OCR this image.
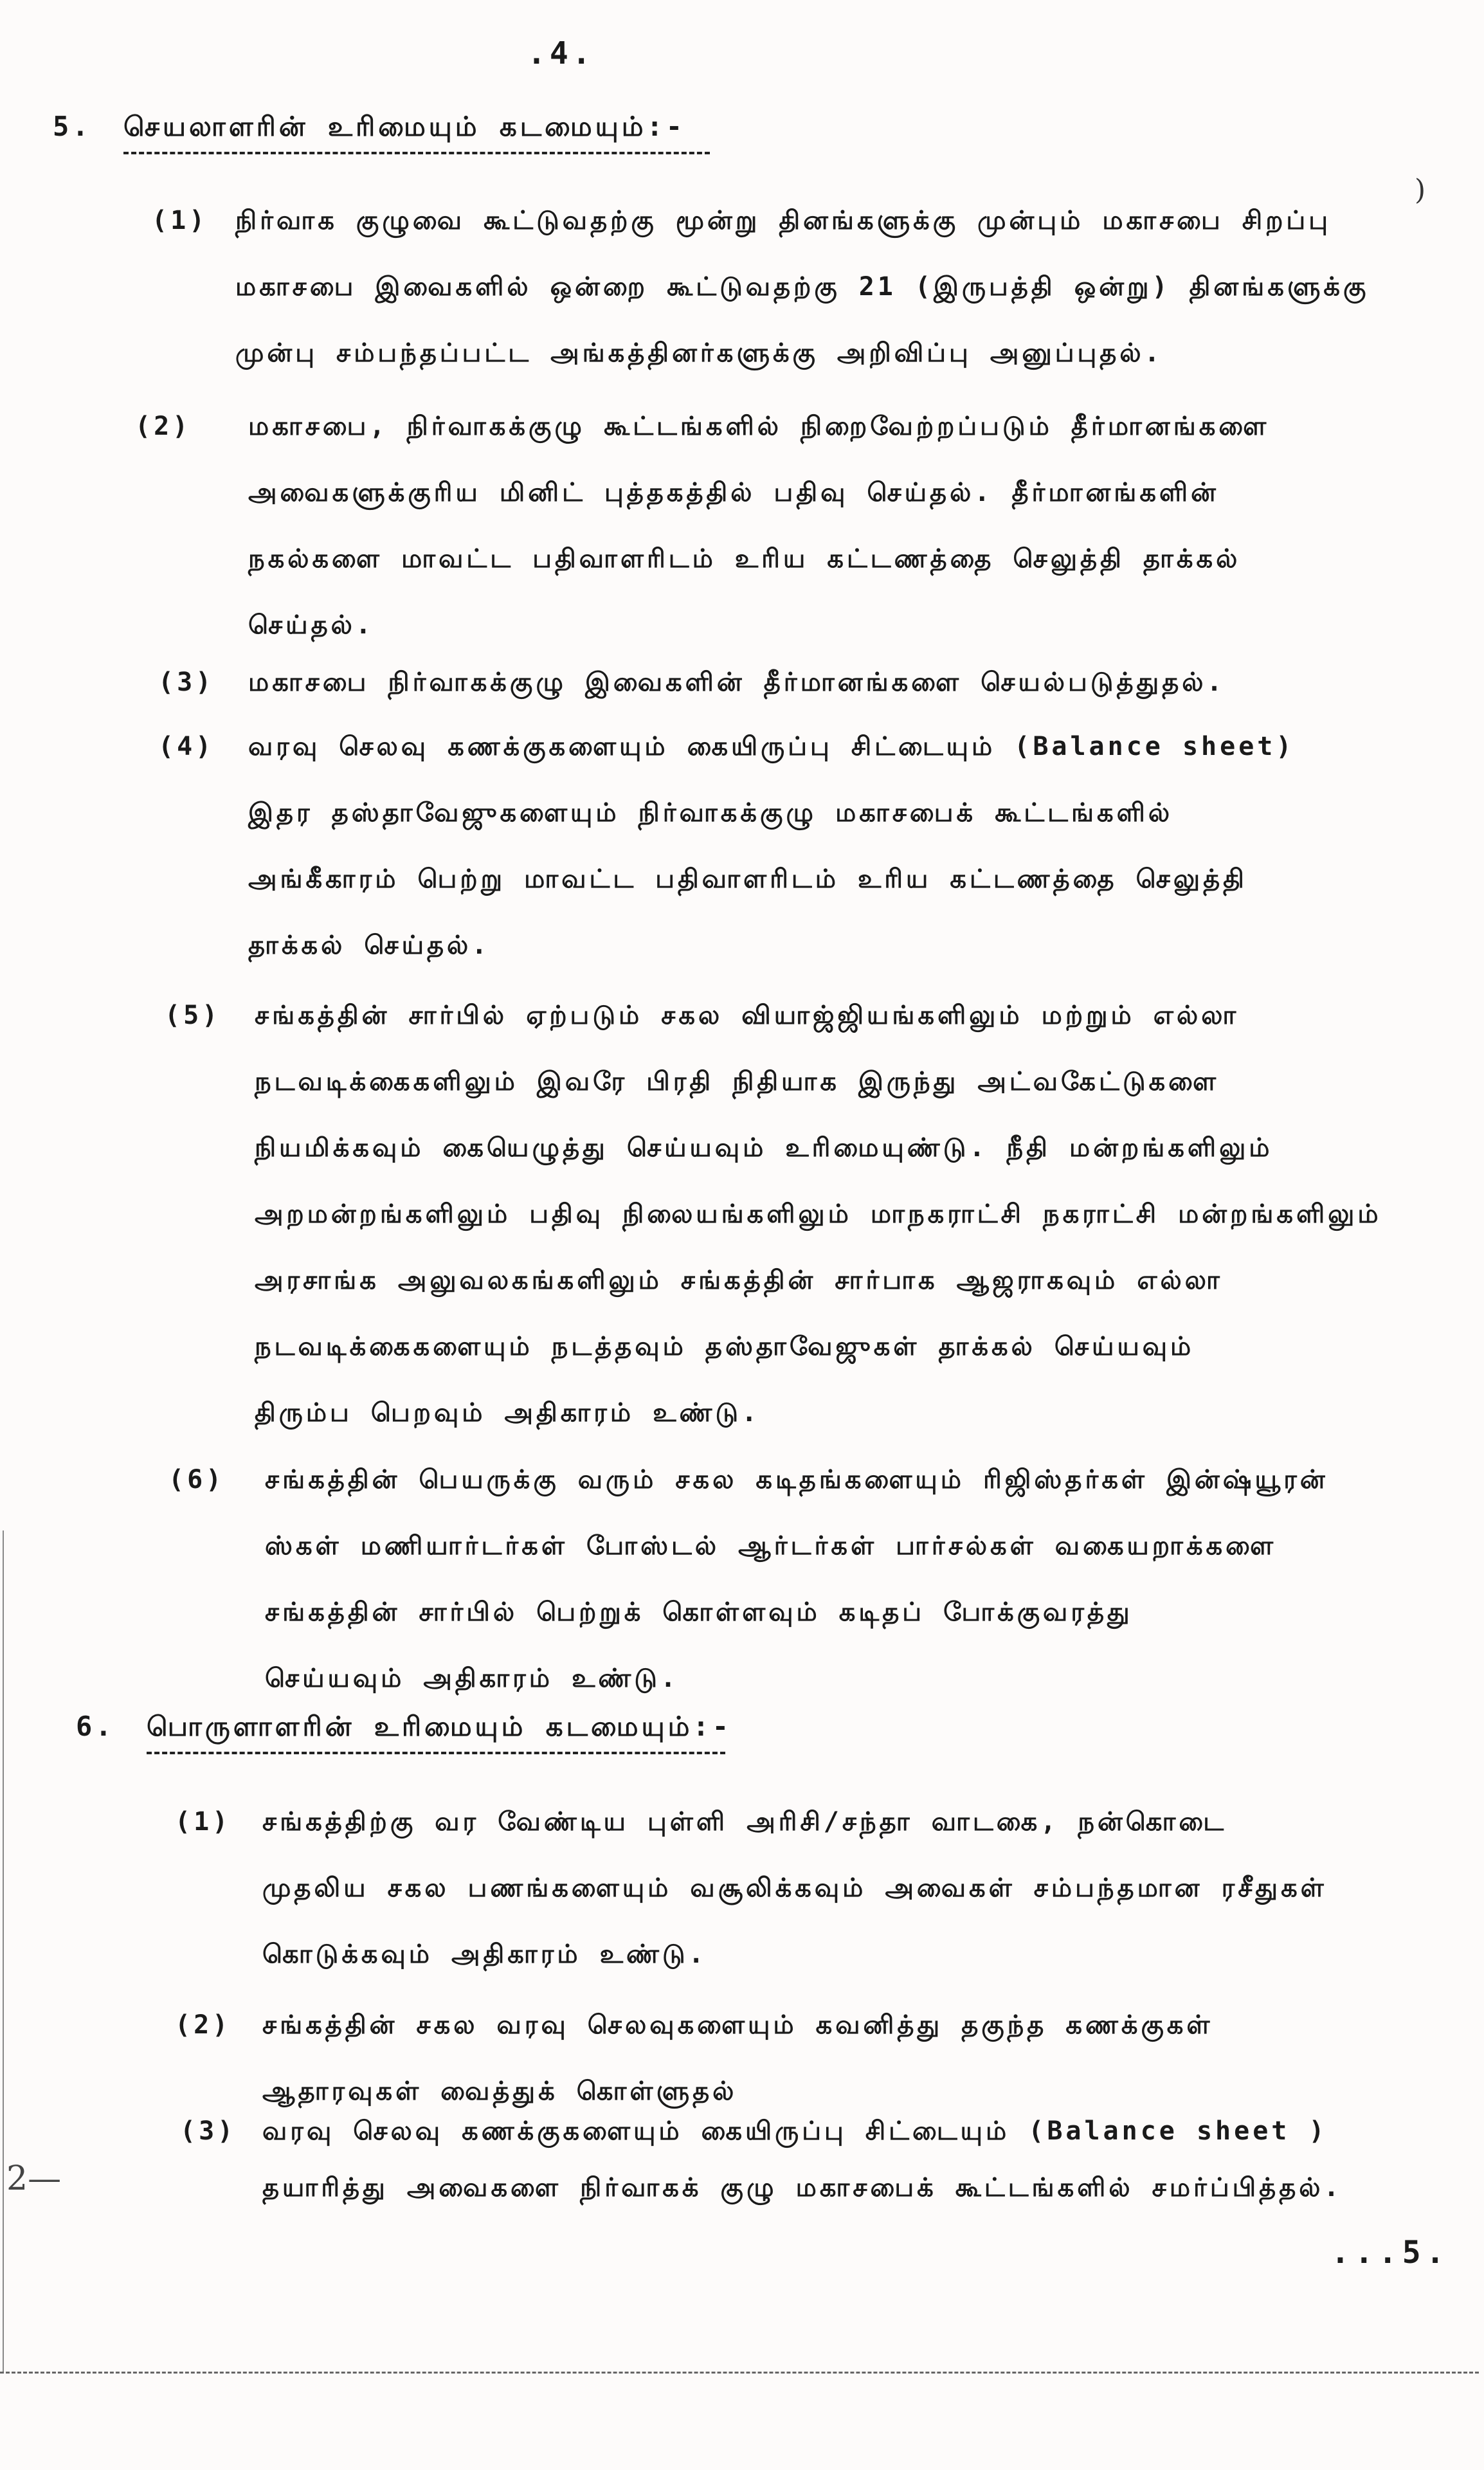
.4.
5. செயலாளரின் உரிமையும் கடமையும்:-
(1) நிர்வாக குழுவை கூட்டுவதற்கு மூன்று தினங்களுக்கு முன்பும் மகாசபை சிறப்பு
மகாசபை இவைகளில் ஒன்றை கூட்டுவதற்கு 21 (இருபத்தி ஒன்று) தினங்களுக்கு
முன்பு சம்பந்தப்பட்ட அங்கத்தினர்களுக்கு அறிவிப்பு அனுப்புதல்.
(2) மகாசபை, நிர்வாகக்குழு கூட்டங்களில் நிறைவேற்றப்படும் தீர்மானங்களை
அவைகளுக்குரிய மினிட் புத்தகத்தில் பதிவு செய்தல். தீர்மானங்களின்
நகல்களை மாவட்ட பதிவாளரிடம் உரிய கட்டணத்தை செலுத்தி தாக்கல்
செய்தல்.
(3) மகாசபை நிர்வாகக்குழு இவைகளின் தீர்மானங்களை செயல்படுத்துதல்.
(4) வரவு செலவு கணக்குகளையும் கையிருப்பு சிட்டையும் (Balance sheet)
இதர தஸ்தாவேஜுகளையும் நிர்வாகக்குழு மகாசபைக் கூட்டங்களில்
அங்கீகாரம் பெற்று மாவட்ட பதிவாளரிடம் உரிய கட்டணத்தை செலுத்தி
தாக்கல் செய்தல்.
(5) சங்கத்தின் சார்பில் ஏற்படும் சகல வியாஜ்ஜியங்களிலும் மற்றும் எல்லா
நடவடிக்கைகளிலும் இவரே பிரதி நிதியாக இருந்து அட்வகேட்டுகளை
நியமிக்கவும் கையெழுத்து செய்யவும் உரிமையுண்டு. நீதி மன்றங்களிலும்
அறமன்றங்களிலும் பதிவு நிலையங்களிலும் மாநகராட்சி நகராட்சி மன்றங்களிலும்
அரசாங்க அலுவலகங்களிலும் சங்கத்தின் சார்பாக ஆஜராகவும் எல்லா
நடவடிக்கைகளையும் நடத்தவும் தஸ்தாவேஜுகள் தாக்கல் செய்யவும்
திரும்ப பெறவும் அதிகாரம் உண்டு.
(6) சங்கத்தின் பெயருக்கு வரும் சகல கடிதங்களையும் ரிஜிஸ்தர்கள் இன்ஷ்யூரன்
ஸ்கள் மணியார்டர்கள் போஸ்டல் ஆர்டர்கள் பார்சல்கள் வகையறாக்களை
சங்கத்தின் சார்பில் பெற்றுக் கொள்ளவும் கடிதப் போக்குவரத்து
செய்யவும் அதிகாரம் உண்டு.
6. பொருளாளரின் உரிமையும் கடமையும்:-
(1) சங்கத்திற்கு வர வேண்டிய புள்ளி அரிசி/சந்தா வாடகை, நன்கொடை
முதலிய சகல பணங்களையும் வசூலிக்கவும் அவைகள் சம்பந்தமான ரசீதுகள்
கொடுக்கவும் அதிகாரம் உண்டு.
(2) சங்கத்தின் சகல வரவு செலவுகளையும் கவனித்து தகுந்த கணக்குகள்
ஆதாரவுகள் வைத்துக் கொள்ளுதல்
(3) வரவு செலவு கணக்குகளையும் கையிருப்பு சிட்டையும் (Balance sheet )
தயாரித்து அவைகளை நிர்வாகக் குழு மகாசபைக் கூட்டங்களில் சமர்ப்பித்தல்.
...5.
2—
)
